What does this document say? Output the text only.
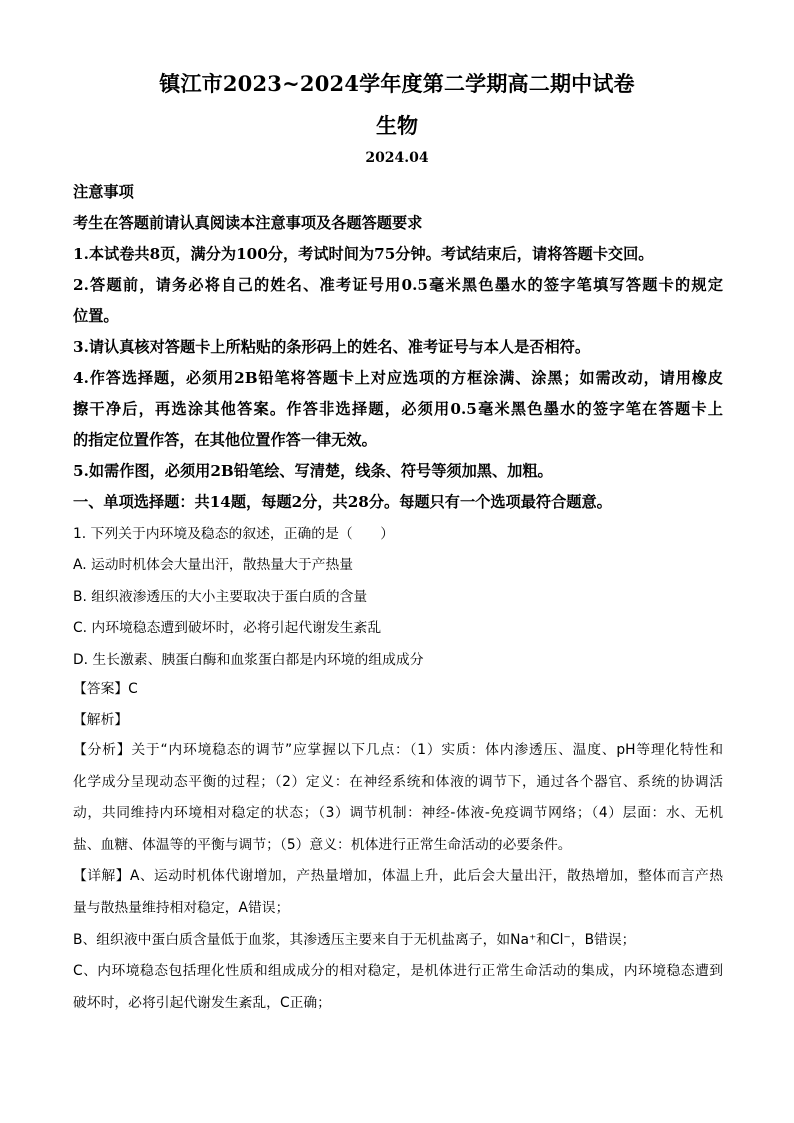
镇江市2023~2024学年度第二学期高二期中试卷
生物
2024.04
注意事项
考生在答题前请认真阅读本注意事项及各题答题要求
1.本试卷共8页，满分为100分，考试时间为75分钟。考试结束后，请将答题卡交回。
2.答题前，请务必将自己的姓名、准考证号用0.5毫米黑色墨水的签字笔填写答题卡的规定
位置。
3.请认真核对答题卡上所粘贴的条形码上的姓名、准考证号与本人是否相符。
4.作答选择题，必须用2B铅笔将答题卡上对应选项的方框涂满、涂黑；如需改动，请用橡皮
擦干净后，再选涂其他答案。作答非选择题，必须用0.5毫米黑色墨水的签字笔在答题卡上
的指定位置作答，在其他位置作答一律无效。
5.如需作图，必须用2B铅笔绘、写清楚，线条、符号等须加黑、加粗。
一、单项选择题：共14题，每题2分，共28分。每题只有一个选项最符合题意。
1. 下列关于内环境及稳态的叙述，正确的是（　　）
A. 运动时机体会大量出汗，散热量大于产热量
B. 组织液渗透压的大小主要取决于蛋白质的含量
C. 内环境稳态遭到破坏时，必将引起代谢发生紊乱
D. 生长激素、胰蛋白酶和血浆蛋白都是内环境的组成成分
【答案】C
【解析】
【分析】关于“内环境稳态的调节”应掌握以下几点：（1）实质：体内渗透压、温度、pH等理化特性和
化学成分呈现动态平衡的过程；（2）定义：在神经系统和体液的调节下，通过各个器官、系统的协调活
动，共同维持内环境相对稳定的状态；（3）调节机制：神经-体液-免疫调节网络；（4）层面：水、无机
盐、血糖、体温等的平衡与调节；（5）意义：机体进行正常生命活动的必要条件。
【详解】A、运动时机体代谢增加，产热量增加，体温上升，此后会大量出汗，散热增加，整体而言产热
量与散热量维持相对稳定，A错误；
B、组织液中蛋白质含量低于血浆，其渗透压主要来自于无机盐离子，如Na⁺和Cl⁻，B错误；
C、内环境稳态包括理化性质和组成成分的相对稳定，是机体进行正常生命活动的集成，内环境稳态遭到
破坏时，必将引起代谢发生紊乱，C正确；
